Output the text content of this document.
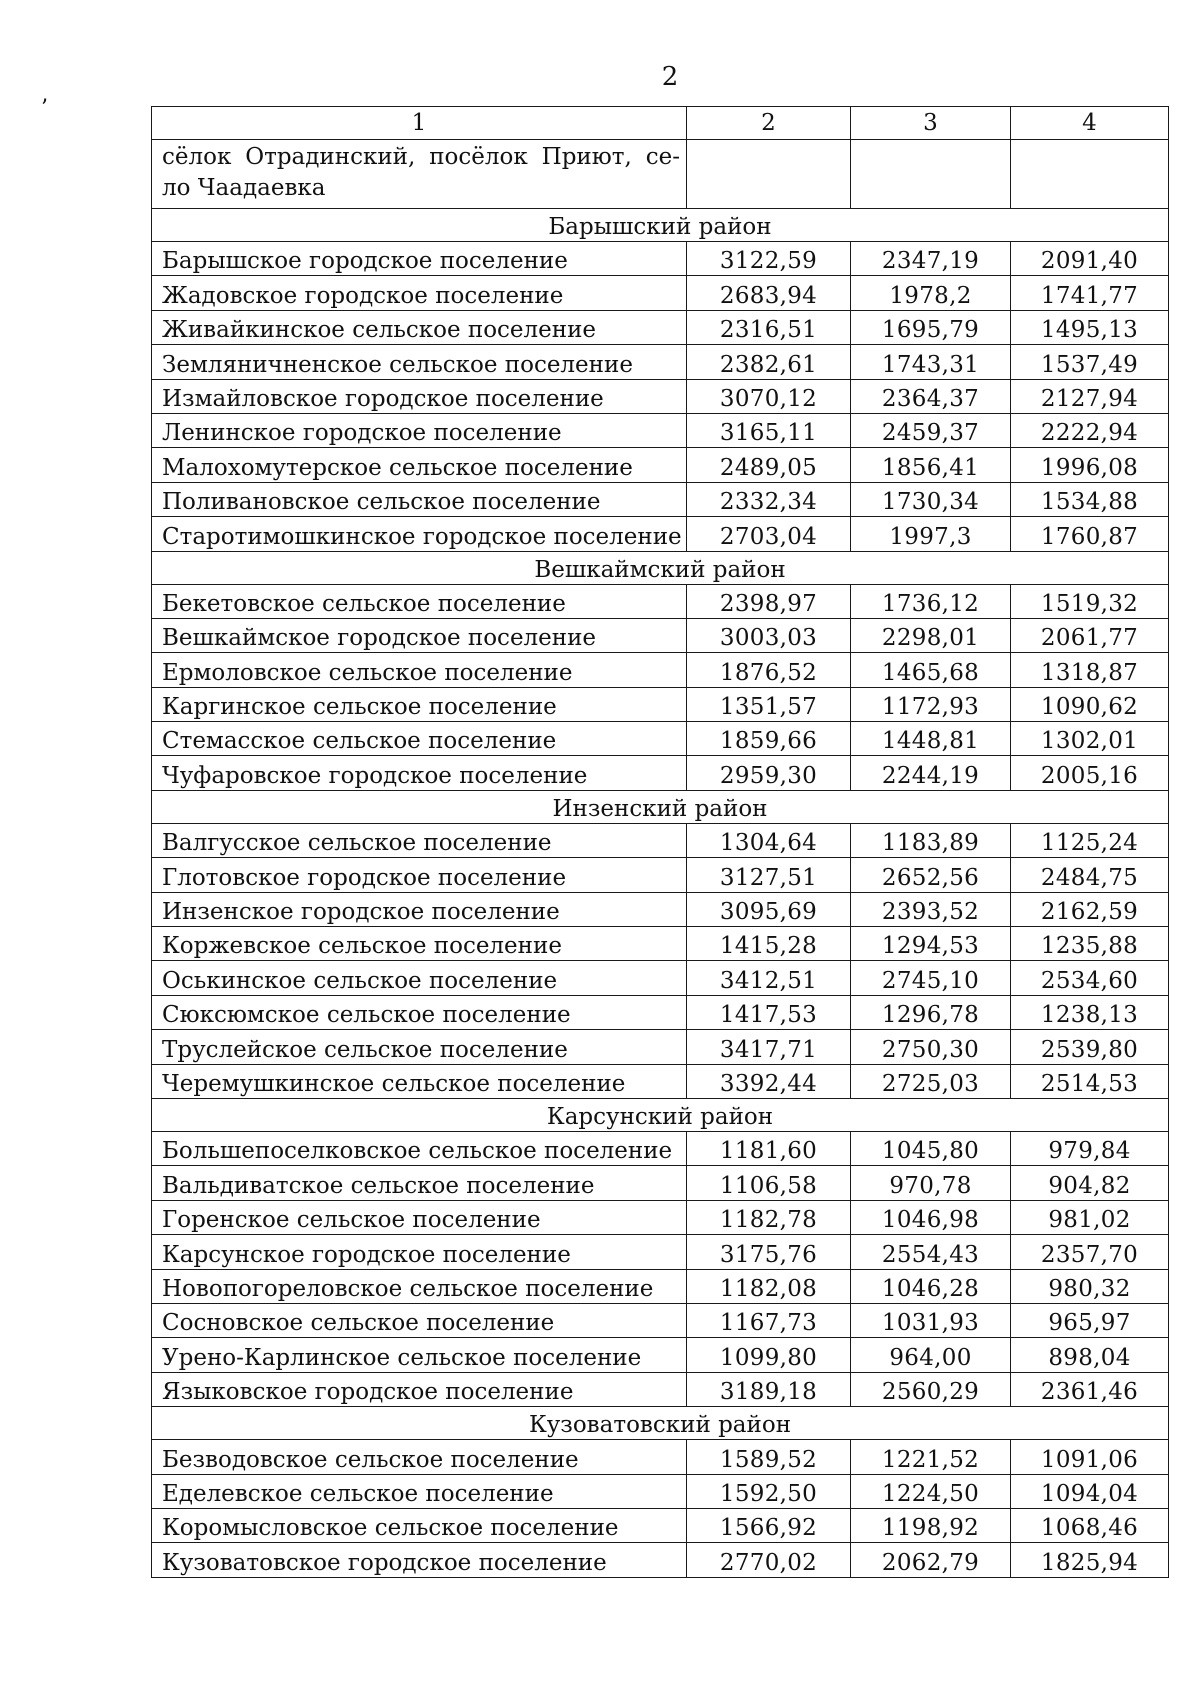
2
’
1	2	3	4
сёлок Отрадинский, посёлок Приют, се-ло Чаадаевка			
Барышский район			
Барышское городское поселение	3122,59	2347,19	2091,40
Жадовское городское поселение	2683,94	1978,2	1741,77
Живайкинское сельское поселение	2316,51	1695,79	1495,13
Земляничненское сельское поселение	2382,61	1743,31	1537,49
Измайловское городское поселение	3070,12	2364,37	2127,94
Ленинское городское поселение	3165,11	2459,37	2222,94
Малохомутерское сельское поселение	2489,05	1856,41	1996,08
Поливановское сельское поселение	2332,34	1730,34	1534,88
Старотимошкинское городское поселение	2703,04	1997,3	1760,87
Вешкаймский район			
Бекетовское сельское поселение	2398,97	1736,12	1519,32
Вешкаймское городское поселение	3003,03	2298,01	2061,77
Ермоловское сельское поселение	1876,52	1465,68	1318,87
Каргинское сельское поселение	1351,57	1172,93	1090,62
Стемасское сельское поселение	1859,66	1448,81	1302,01
Чуфаровское городское поселение	2959,30	2244,19	2005,16
Инзенский район			
Валгусское сельское поселение	1304,64	1183,89	1125,24
Глотовское городское поселение	3127,51	2652,56	2484,75
Инзенское городское поселение	3095,69	2393,52	2162,59
Коржевское сельское поселение	1415,28	1294,53	1235,88
Оськинское сельское поселение	3412,51	2745,10	2534,60
Сюксюмское сельское поселение	1417,53	1296,78	1238,13
Труслейское сельское поселение	3417,71	2750,30	2539,80
Черемушкинское сельское поселение	3392,44	2725,03	2514,53
Карсунский район			
Большепоселковское сельское поселение	1181,60	1045,80	979,84
Вальдиватское сельское поселение	1106,58	970,78	904,82
Горенское сельское поселение	1182,78	1046,98	981,02
Карсунское городское поселение	3175,76	2554,43	2357,70
Новопогореловское сельское поселение	1182,08	1046,28	980,32
Сосновское сельское поселение	1167,73	1031,93	965,97
Урено-Карлинское сельское поселение	1099,80	964,00	898,04
Языковское городское поселение	3189,18	2560,29	2361,46
Кузоватовский район			
Безводовское сельское поселение	1589,52	1221,52	1091,06
Еделевское сельское поселение	1592,50	1224,50	1094,04
Коромысловское сельское поселение	1566,92	1198,92	1068,46
Кузоватовское городское поселение	2770,02	2062,79	1825,94
